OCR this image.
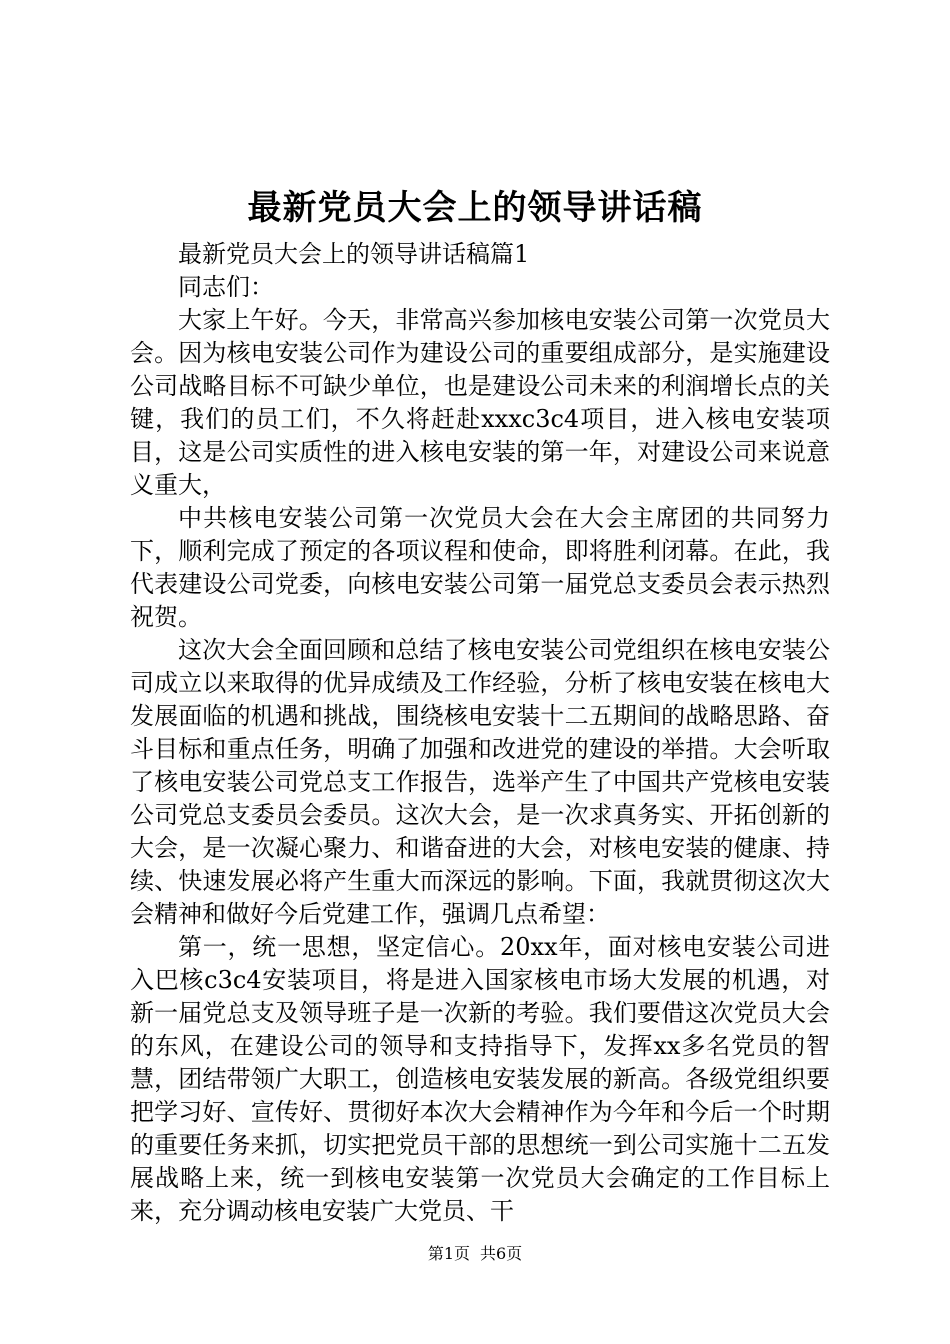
最新党员大会上的领导讲话稿

最新党员大会上的领导讲话稿篇1

同志们：

大家上午好。今天，非常高兴参加核电安装公司第一次党员大会。因为核电安装公司作为建设公司的重要组成部分，是实施建设公司战略目标不可缺少单位，也是建设公司未来的利润增长点的关键，我们的员工们，不久将赶赴xxxc3c4项目，进入核电安装项目，这是公司实质性的进入核电安装的第一年，对建设公司来说意义重大，

中共核电安装公司第一次党员大会在大会主席团的共同努力下，顺利完成了预定的各项议程和使命，即将胜利闭幕。在此，我代表建设公司党委，向核电安装公司第一届党总支委员会表示热烈祝贺。

这次大会全面回顾和总结了核电安装公司党组织在核电安装公司成立以来取得的优异成绩及工作经验，分析了核电安装在核电大发展面临的机遇和挑战，围绕核电安装十二五期间的战略思路、奋斗目标和重点任务，明确了加强和改进党的建设的举措。大会听取了核电安装公司党总支工作报告，选举产生了中国共产党核电安装公司党总支委员会委员。这次大会，是一次求真务实、开拓创新的大会，是一次凝心聚力、和谐奋进的大会，对核电安装的健康、持续、快速发展必将产生重大而深远的影响。下面，我就贯彻这次大会精神和做好今后党建工作，强调几点希望：

第一，统一思想，坚定信心。20xx年，面对核电安装公司进入巴核c3c4安装项目，将是进入国家核电市场大发展的机遇，对新一届党总支及领导班子是一次新的考验。我们要借这次党员大会的东风，在建设公司的领导和支持指导下，发挥xx多名党员的智慧，团结带领广大职工，创造核电安装发展的新高。各级党组织要把学习好、宣传好、贯彻好本次大会精神作为今年和今后一个时期的重要任务来抓，切实把党员干部的思想统一到公司实施十二五发展战略上来，统一到核电安装第一次党员大会确定的工作目标上来，充分调动核电安装广大党员、干

第1页 共6页
